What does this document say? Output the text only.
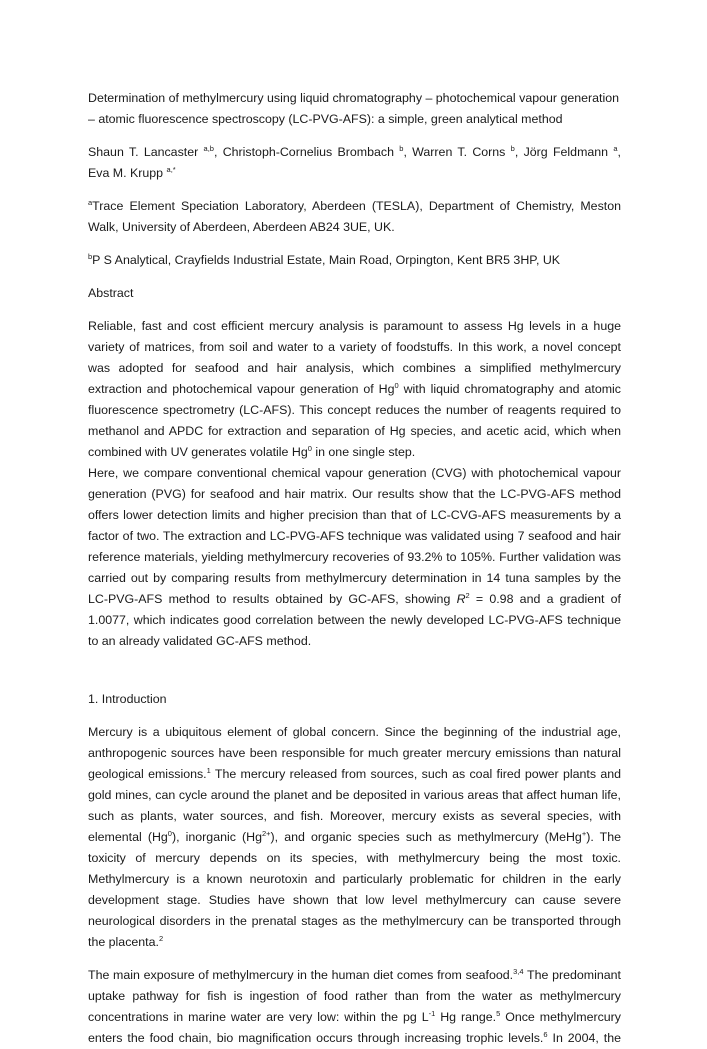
Determination of methylmercury using liquid chromatography – photochemical vapour generation – atomic fluorescence spectroscopy (LC-PVG-AFS): a simple, green analytical method

Shaun T. Lancaster $^{a,b}$, Christoph-Cornelius Brombach $^b$, Warren T. Corns $^b$, Jörg Feldmann $^a$, Eva M. Krupp $^{a,*}$

$^a$Trace Element Speciation Laboratory, Aberdeen (TESLA), Department of Chemistry, Meston Walk, University of Aberdeen, Aberdeen AB24 3UE, UK.

$^b$P S Analytical, Crayfields Industrial Estate, Main Road, Orpington, Kent BR5 3HP, UK

Abstract

Reliable, fast and cost efficient mercury analysis is paramount to assess Hg levels in a huge variety of matrices, from soil and water to a variety of foodstuffs. In this work, a novel concept was adopted for seafood and hair analysis, which combines a simplified methylmercury extraction and photochemical vapour generation of Hg$^0$ with liquid chromatography and atomic fluorescence spectrometry (LC-AFS). This concept reduces the number of reagents required to methanol and APDC for extraction and separation of Hg species, and acetic acid, which when combined with UV generates volatile Hg$^0$ in one single step.

Here, we compare conventional chemical vapour generation (CVG) with photochemical vapour generation (PVG) for seafood and hair matrix. Our results show that the LC-PVG-AFS method offers lower detection limits and higher precision than that of LC-CVG-AFS measurements by a factor of two. The extraction and LC-PVG-AFS technique was validated using 7 seafood and hair reference materials, yielding methylmercury recoveries of 93.2% to 105%. Further validation was carried out by comparing results from methylmercury determination in 14 tuna samples by the LC-PVG-AFS method to results obtained by GC-AFS, showing $R^2 = 0.98$ and a gradient of 1.0077, which indicates good correlation between the newly developed LC-PVG-AFS technique to an already validated GC-AFS method.

1. Introduction

Mercury is a ubiquitous element of global concern. Since the beginning of the industrial age, anthropogenic sources have been responsible for much greater mercury emissions than natural geological emissions.$^1$ The mercury released from sources, such as coal fired power plants and gold mines, can cycle around the planet and be deposited in various areas that affect human life, such as plants, water sources, and fish. Moreover, mercury exists as several species, with elemental (Hg$^0$), inorganic $(Hg^{2+})$, and organic species such as methylmercury (MeHg+). The toxicity of mercury depends on its species, with methylmercury being the most toxic. Methylmercury is a known neurotoxin and particularly problematic for children in the early development stage. Studies have shown that low level methylmercury can cause severe neurological disorders in the prenatal stages as the methylmercury can be transported through the placenta.$^2$

The main exposure of methylmercury in the human diet comes from seafood.$^{3,4}$ The predominant uptake pathway for fish is ingestion of food rather than from the water as methylmercury concentrations in marine water are very low: within the pg $L^{-1}$ Hg range.$^5$ Once methylmercury enters the food chain, bio magnification occurs through increasing trophic levels.$^6$ In 2004, the
